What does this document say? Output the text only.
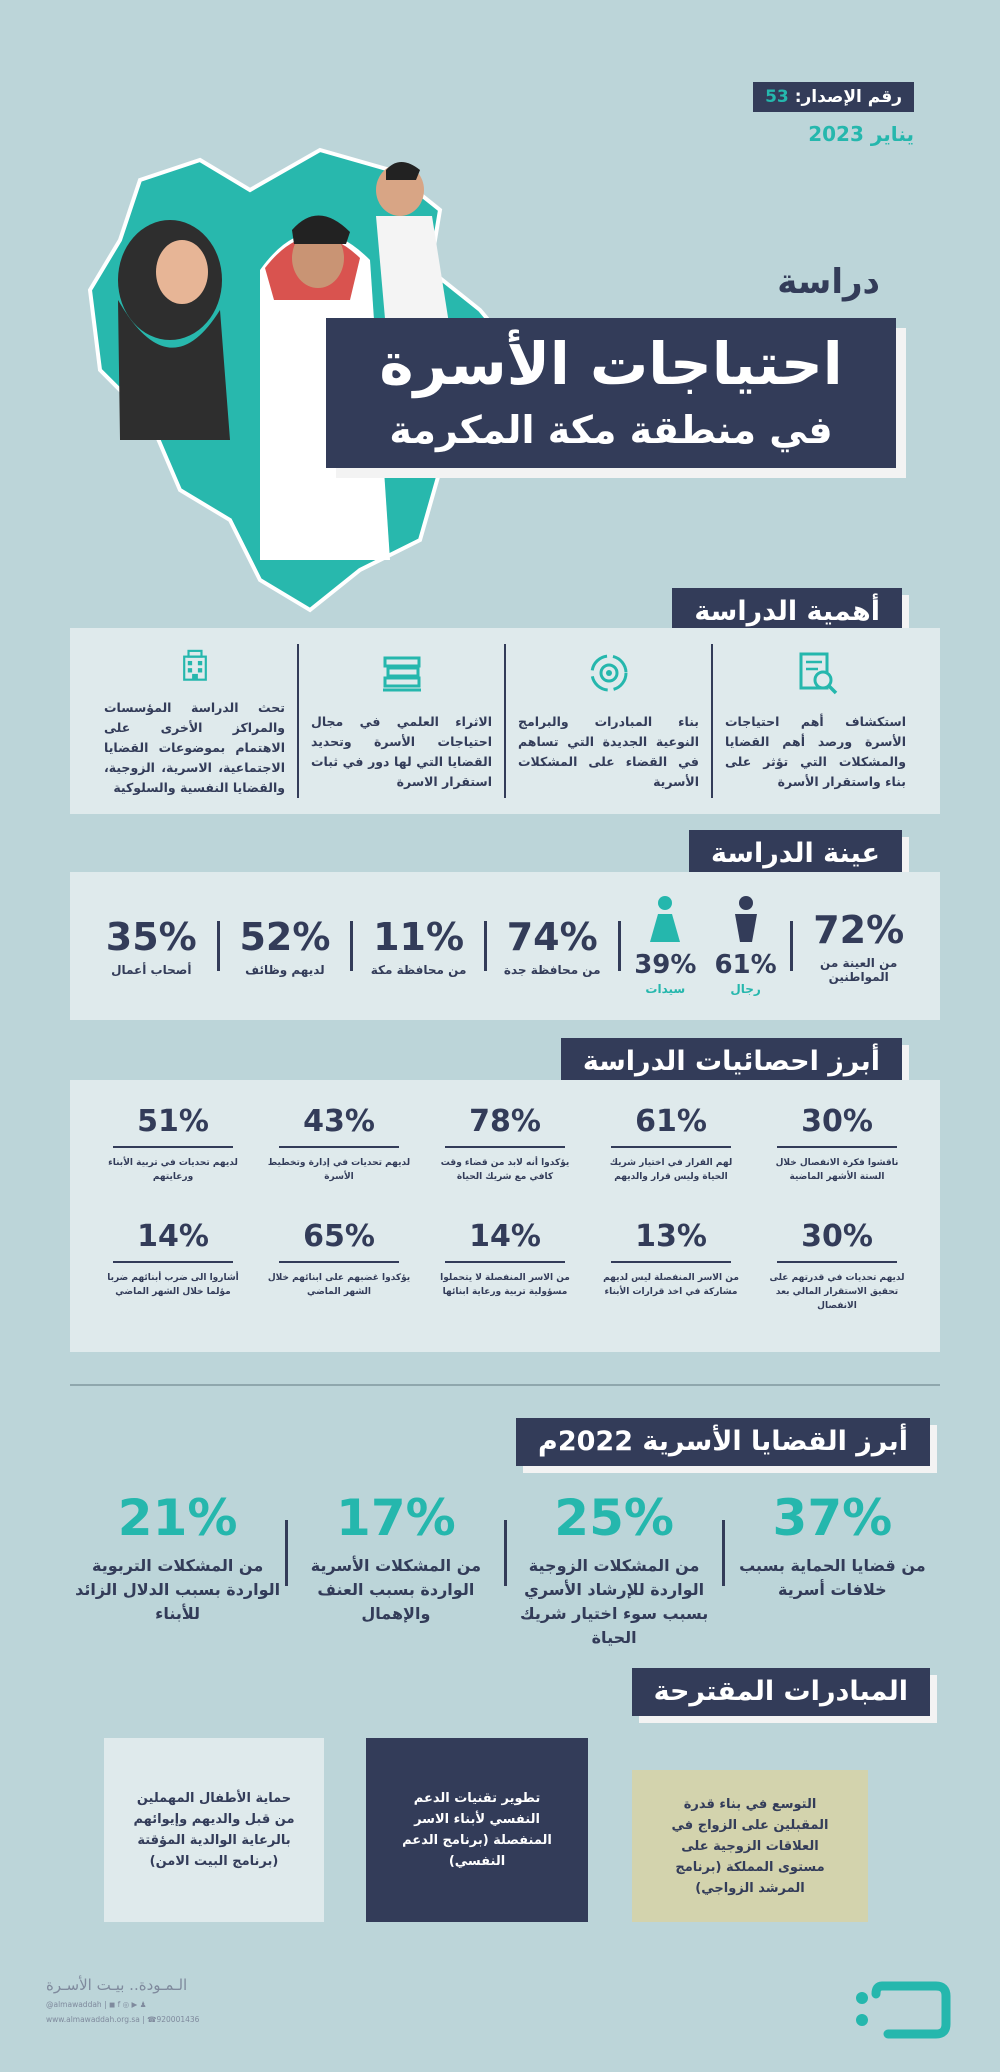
رقم الإصدار: 53
يناير 2023
دراسة
احتياجات الأسرة
في منطقة مكة المكرمة
أهمية الدراسة
استكشاف أهم احتياجات الأسرة ورصد أهم القضايا والمشكلات التي تؤثر على بناء واستقرار الأسرة
بناء المبادرات والبرامج النوعية الجديدة التي تساهم في القضاء على المشكلات الأسرية
الاثراء العلمي في مجال احتياجات الأسرة وتحديد القضايا التي لها دور في ثبات استقرار الاسرة
تحث الدراسة المؤسسات والمراكز الأخرى على الاهتمام بموضوعات القضايا الاجتماعية، الاسرية، الزوجية، والقضايا النفسية والسلوكية
عينة الدراسة
72%
من العينة من المواطنين
61%
رجال
39%
سيدات
74%
من محافظة جدة
11%
من محافظة مكة
52%
لديهم وظائف
35%
أصحاب أعمال
أبرز احصائيات الدراسة
30%
ناقشوا فكرة الانفصال خلال الستة الأشهر الماضية
61%
لهم القرار في اختيار شريك الحياة وليس قرار والديهم
78%
يؤكدوا أنه لابد من قضاء وقت كافي مع شريك الحياة
43%
لديهم تحديات في إدارة وتخطيط الأسرة
51%
لديهم تحديات في تربية الأبناء ورعايتهم
30%
لديهم تحديات في قدرتهم على تحقيق الاستقرار المالي بعد الانفصال
13%
من الاسر المنفصلة ليس لديهم مشاركة في اخذ قرارات الأبناء
14%
من الاسر المنفصلة لا يتحملوا مسؤولية تربية ورعاية ابنائها
65%
يؤكدوا غضبهم على ابنائهم خلال الشهر الماضي
14%
أشاروا الى ضرب أبنائهم ضربا مؤلما خلال الشهر الماضي
أبرز القضايا الأسرية 2022م
37%
من قضايا الحماية بسبب خلافات أسرية
25%
من المشكلات الزوجية الواردة للإرشاد الأسري بسبب سوء اختيار شريك الحياة
17%
من المشكلات الأسرية الواردة بسبب العنف والإهمال
21%
من المشكلات التربوية الواردة بسبب الدلال الزائد للأبناء
المبادرات المقترحة
التوسع في بناء قدرة المقبلين على الزواج في العلاقات الزوجية على مستوى المملكة (برنامج المرشد الزواجي)
تطوير تقنيات الدعم النفسي لأبناء الاسر المنفصلة (برنامج الدعم النفسي)
حماية الأطفال المهملين من قبل والديهم وإيوائهم بالرعاية الوالدية المؤقتة (برنامج البيت الامن)
الـمـودة.. بيـت الأسـرة
@almawaddah | ◼ f ◎ ▶ ♟
www.almawaddah.org.sa | ☎920001436
